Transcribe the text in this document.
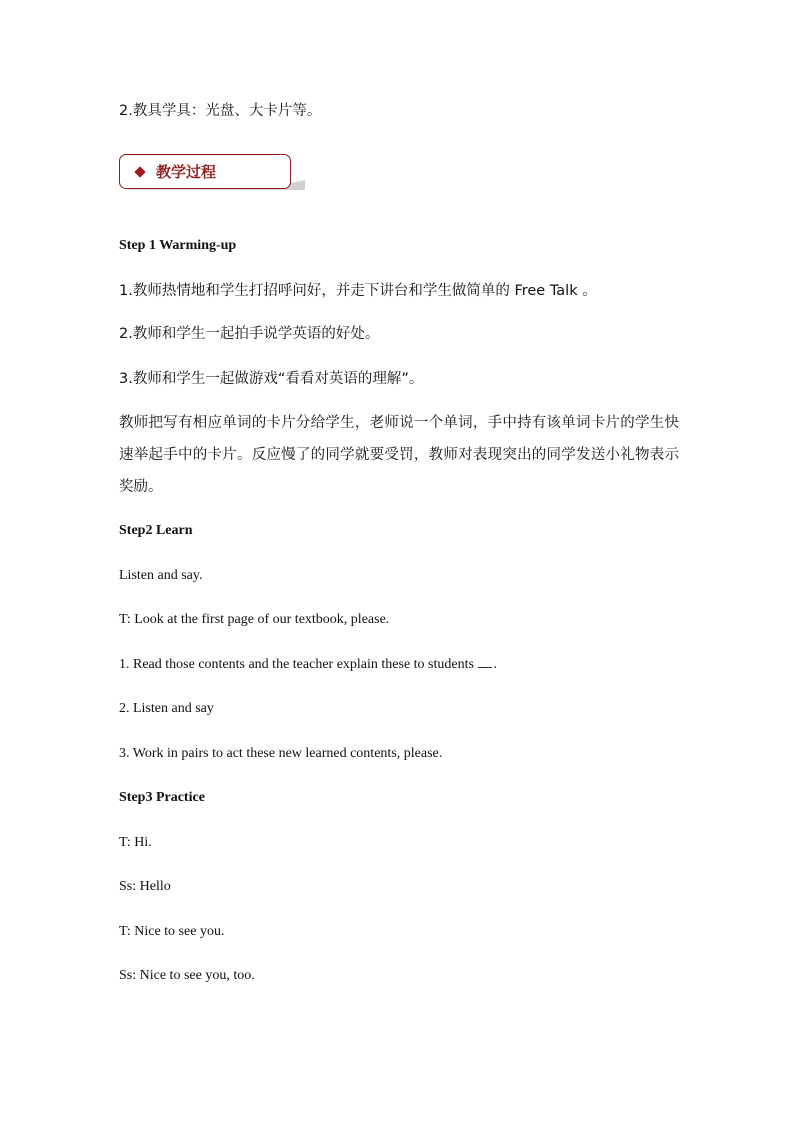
2.教具学具：光盘、大卡片等。
教学过程
Step 1 Warming-up
1.教师热情地和学生打招呼问好，并走下讲台和学生做简单的 Free Talk 。
2.教师和学生一起拍手说学英语的好处。
3.教师和学生一起做游戏“看看对英语的理解”。
教师把写有相应单词的卡片分给学生，老师说一个单词，手中持有该单词卡片的学生快速举起手中的卡片。反应慢了的同学就要受罚，教师对表现突出的同学发送小礼物表示奖励。
Step2 Learn
Listen and say.
T: Look at the first page of our textbook, please.
1. Read those contents and the teacher explain these to students .
2. Listen and say
3. Work in pairs to act these new learned contents, please.
Step3 Practice
T: Hi.
Ss: Hello
T: Nice to see you.
Ss: Nice to see you, too.
